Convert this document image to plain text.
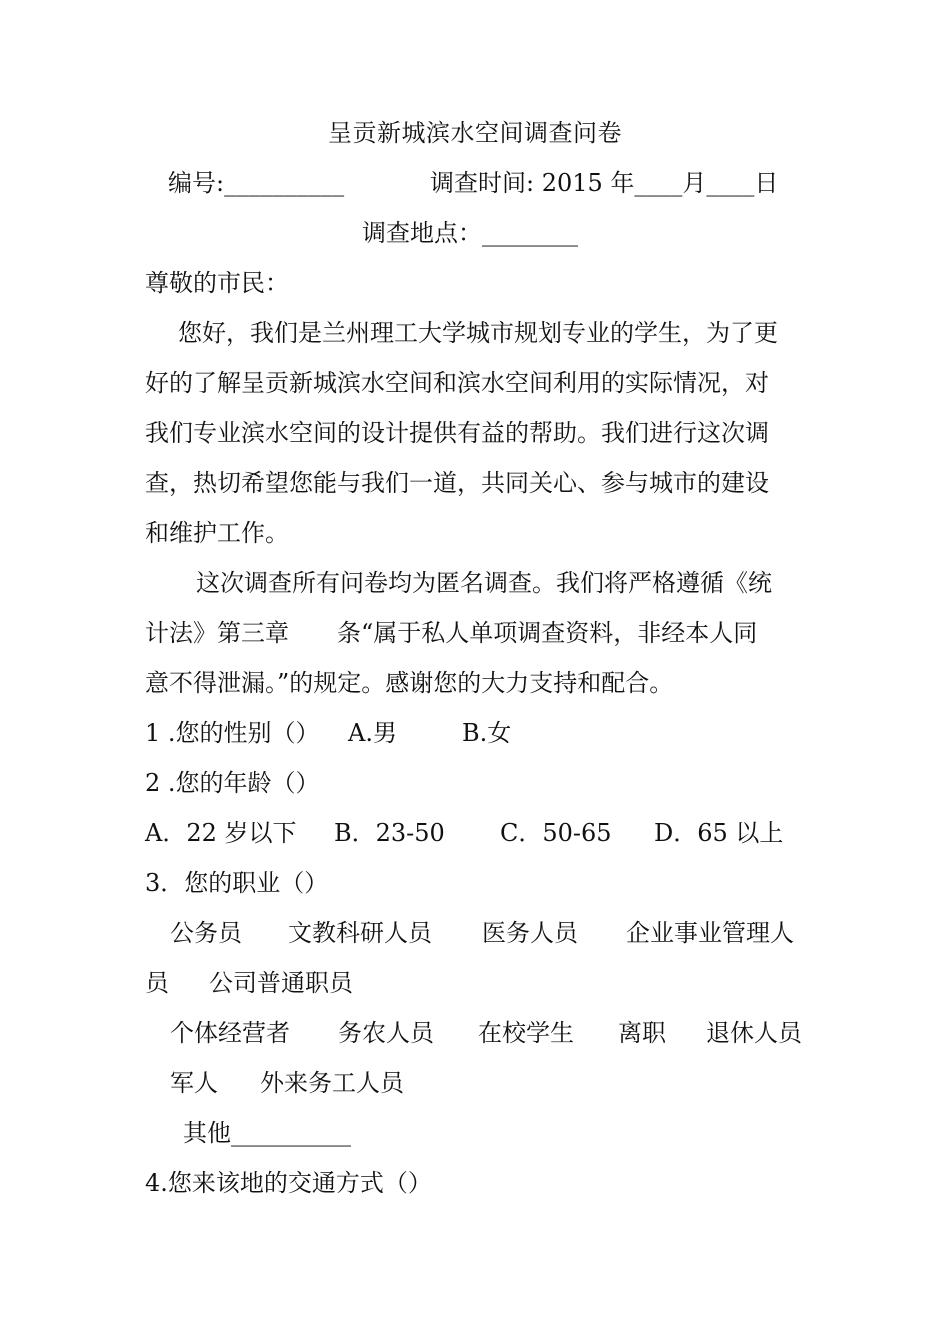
呈贡新城滨水空间调查问卷
编号:__________	调查时间: 2015 年____月____日
调查地点：________
尊敬的市民：
您好，我们是兰州理工大学城市规划专业的学生，为了更
好的了解呈贡新城滨水空间和滨水空间利用的实际情况，对
我们专业滨水空间的设计提供有益的帮助。我们进行这次调
查，热切希望您能与我们一道，共同关心、参与城市的建设
和维护工作。
这次调查所有问卷均为匿名调查。我们将严格遵循《统
计法》第三章　　条“属于私人单项调查资料，非经本人同
意不得泄漏。”的规定。感谢您的大力支持和配合。
1 .您的性别（） A.男	B.女
2 .您的年龄（）
A．22 岁以下 B．23-50 C．50-65 D．65 以上
3．您的职业（）
公务员 文教科研人员 医务人员 企业事业管理人
员 公司普通职员
个体经营者 务农人员 在校学生 离职 退休人员
军人 外来务工人员
其他__________
4.您来该地的交通方式（）
